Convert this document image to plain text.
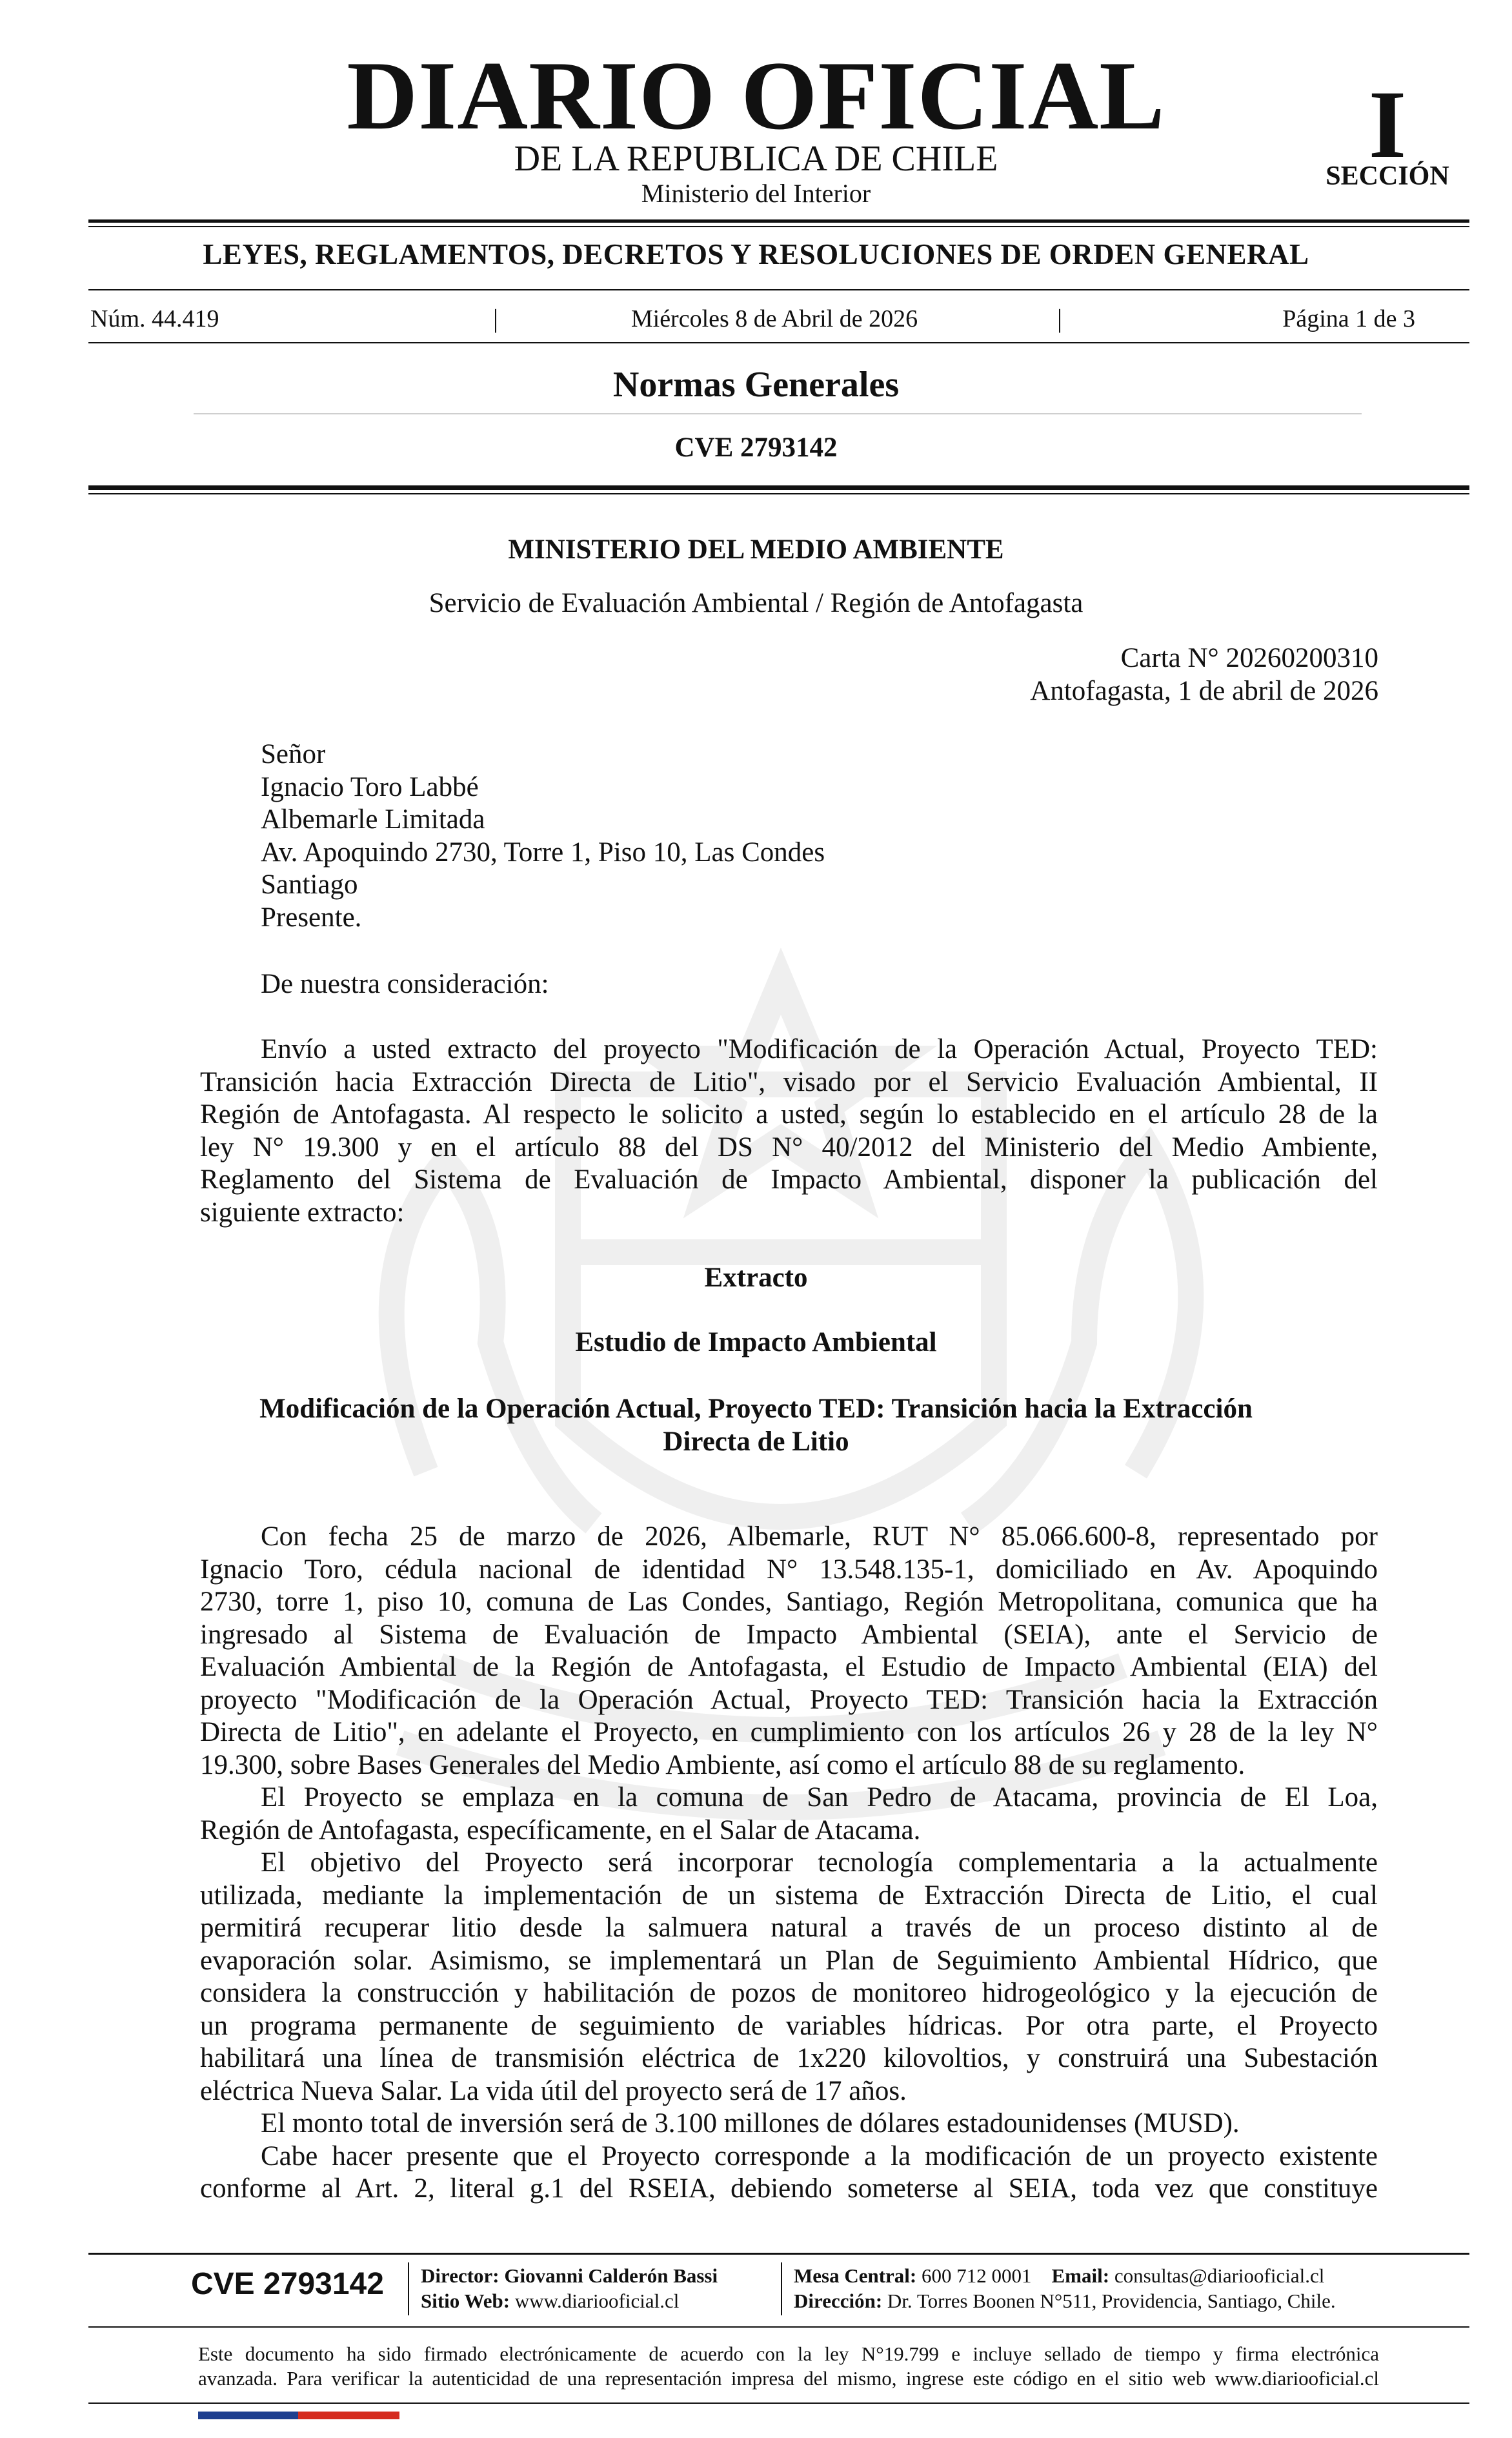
DIARIO OFICIAL
DE LA REPUBLICA DE CHILE
Ministerio del Interior
I
SECCIÓN
LEYES, REGLAMENTOS, DECRETOS Y RESOLUCIONES DE ORDEN GENERAL
Núm. 44.419	|	Miércoles 8 de Abril de 2026	|	Página 1 de 3
Normas Generales
CVE 2793142
MINISTERIO DEL MEDIO AMBIENTE
Servicio de Evaluación Ambiental / Región de Antofagasta
Carta N° 20260200310
Antofagasta, 1 de abril de 2026
Señor
Ignacio Toro Labbé
Albemarle Limitada
Av. Apoquindo 2730, Torre 1, Piso 10, Las Condes
Santiago
Presente.
De nuestra consideración:
Envío a usted extracto del proyecto "Modificación de la Operación Actual, Proyecto TED:
Transición hacia Extracción Directa de Litio", visado por el Servicio Evaluación Ambiental, II
Región de Antofagasta. Al respecto le solicito a usted, según lo establecido en el artículo 28 de la
ley N° 19.300 y en el artículo 88 del DS N° 40/2012 del Ministerio del Medio Ambiente,
Reglamento del Sistema de Evaluación de Impacto Ambiental, disponer la publicación del
siguiente extracto:
Extracto
Estudio de Impacto Ambiental
Modificación de la Operación Actual, Proyecto TED: Transición hacia la Extracción
Directa de Litio
Con fecha 25 de marzo de 2026, Albemarle, RUT N° 85.066.600-8, representado por
Ignacio Toro, cédula nacional de identidad N° 13.548.135-1, domiciliado en Av. Apoquindo
2730, torre 1, piso 10, comuna de Las Condes, Santiago, Región Metropolitana, comunica que ha
ingresado al Sistema de Evaluación de Impacto Ambiental (SEIA), ante el Servicio de
Evaluación Ambiental de la Región de Antofagasta, el Estudio de Impacto Ambiental (EIA) del
proyecto "Modificación de la Operación Actual, Proyecto TED: Transición hacia la Extracción
Directa de Litio", en adelante el Proyecto, en cumplimiento con los artículos 26 y 28 de la ley N°
19.300, sobre Bases Generales del Medio Ambiente, así como el artículo 88 de su reglamento.
El Proyecto se emplaza en la comuna de San Pedro de Atacama, provincia de El Loa,
Región de Antofagasta, específicamente, en el Salar de Atacama.
El objetivo del Proyecto será incorporar tecnología complementaria a la actualmente
utilizada, mediante la implementación de un sistema de Extracción Directa de Litio, el cual
permitirá recuperar litio desde la salmuera natural a través de un proceso distinto al de
evaporación solar. Asimismo, se implementará un Plan de Seguimiento Ambiental Hídrico, que
considera la construcción y habilitación de pozos de monitoreo hidrogeológico y la ejecución de
un programa permanente de seguimiento de variables hídricas. Por otra parte, el Proyecto
habilitará una línea de transmisión eléctrica de 1x220 kilovoltios, y construirá una Subestación
eléctrica Nueva Salar. La vida útil del proyecto será de 17 años.
El monto total de inversión será de 3.100 millones de dólares estadounidenses (MUSD).
Cabe hacer presente que el Proyecto corresponde a la modificación de un proyecto existente
conforme al Art. 2, literal g.1 del RSEIA, debiendo someterse al SEIA, toda vez que constituye
CVE 2793142 Director: Giovanni Calderón Bassi
Sitio Web: www.diariooficial.cl
Mesa Central: 600 712 0001 Email: consultas@diariooficial.cl
Dirección: Dr. Torres Boonen N°511, Providencia, Santiago, Chile.
Este documento ha sido firmado electrónicamente de acuerdo con la ley N°19.799 e incluye sellado de tiempo y firma electrónica
avanzada. Para verificar la autenticidad de una representación impresa del mismo, ingrese este código en el sitio web www.diariooficial.cl
